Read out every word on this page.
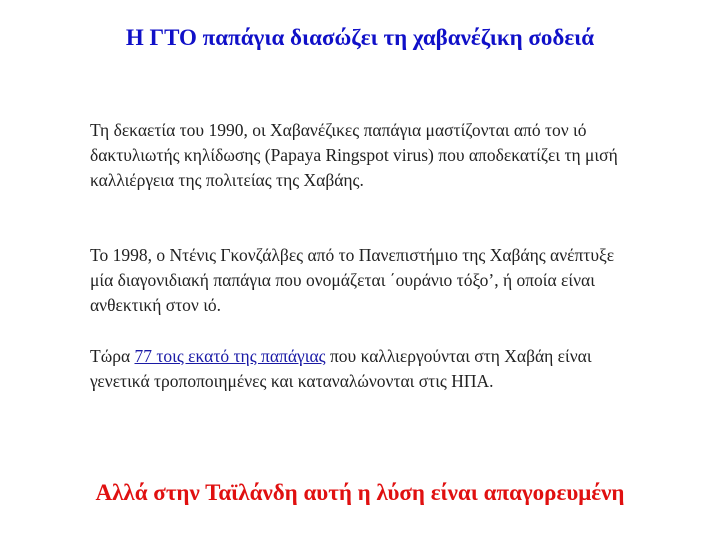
Η ΓΤΟ παπάγια διασώζει τη χαβανέζικη σοδειά

Τη δεκαετία του 1990, οι Χαβανέζικες παπάγια μαστίζονται από τον ιό δακτυλιωτής κηλίδωσης (Papaya Ringspot virus) που αποδεκατίζει τη μισή καλλιέργεια της πολιτείας της Χαβάης.

Το 1998, ο Ντένις Γκονζάλβες από το Πανεπιστήμιο της Χαβάης ανέπτυξε μία διαγονιδιακή παπάγια που ονομάζεται ΄ουράνιο τόξο’, ή οποία είναι ανθεκτική στον ιό.

Τώρα 77 τοις εκατό της παπάγιας που καλλιεργούνται στη Χαβάη είναι γενετικά τροποποιημένες και καταναλώνονται στις ΗΠΑ.

Αλλά στην Ταϊλάνδη αυτή η λύση είναι απαγορευμένη
